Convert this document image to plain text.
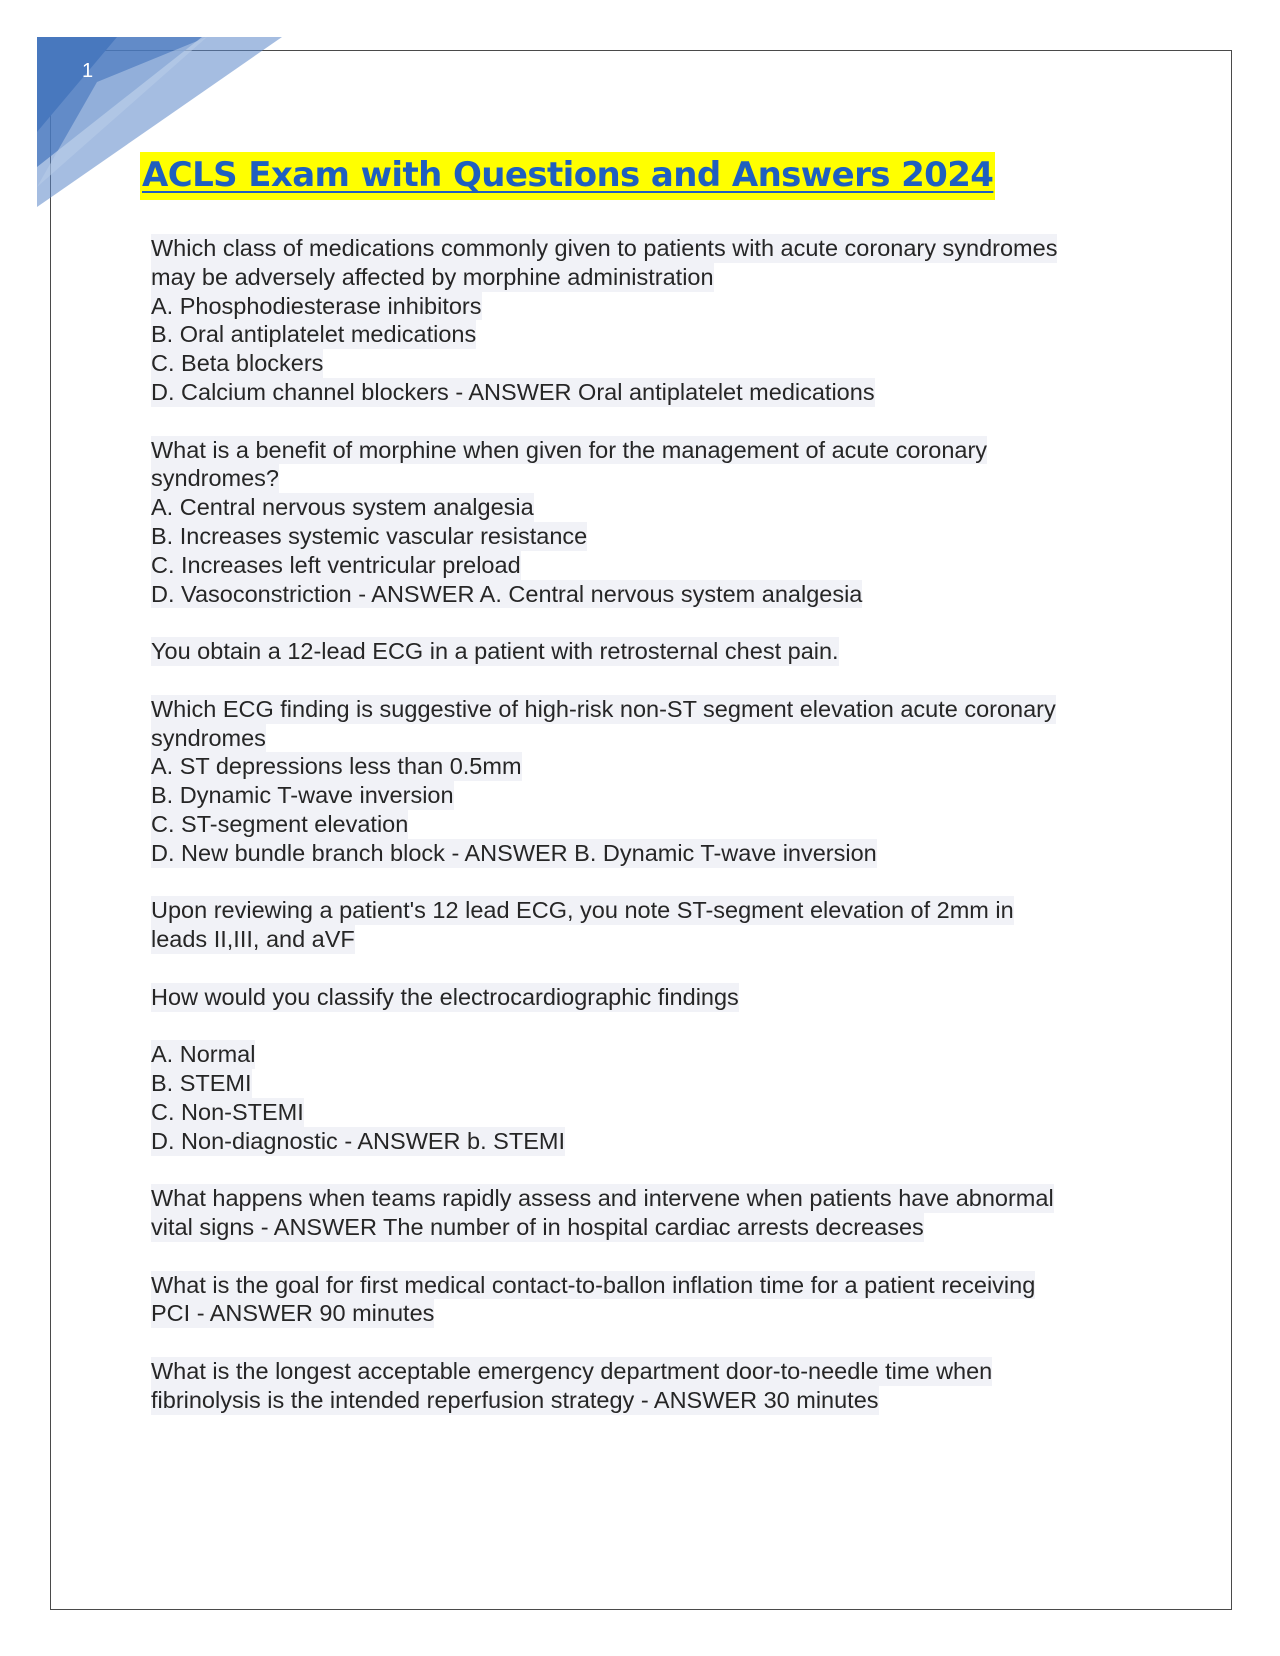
1
ACLS Exam with Questions and Answers 2024
Which class of medications commonly given to patients with acute coronary syndromes
may be adversely affected by morphine administration
A. Phosphodiesterase inhibitors
B. Oral antiplatelet medications
C. Beta blockers
D. Calcium channel blockers - ANSWER Oral antiplatelet medications
What is a benefit of morphine when given for the management of acute coronary
syndromes?
A. Central nervous system analgesia
B. Increases systemic vascular resistance
C. Increases left ventricular preload
D. Vasoconstriction - ANSWER A. Central nervous system analgesia
You obtain a 12-lead ECG in a patient with retrosternal chest pain.
Which ECG finding is suggestive of high-risk non-ST segment elevation acute coronary
syndromes
A. ST depressions less than 0.5mm
B. Dynamic T-wave inversion
C. ST-segment elevation
D. New bundle branch block - ANSWER B. Dynamic T-wave inversion
Upon reviewing a patient's 12 lead ECG, you note ST-segment elevation of 2mm in
leads II,III, and aVF
How would you classify the electrocardiographic findings
A. Normal
B. STEMI
C. Non-STEMI
D. Non-diagnostic - ANSWER b. STEMI
What happens when teams rapidly assess and intervene when patients have abnormal
vital signs - ANSWER The number of in hospital cardiac arrests decreases
What is the goal for first medical contact-to-ballon inflation time for a patient receiving
PCI - ANSWER 90 minutes
What is the longest acceptable emergency department door-to-needle time when
fibrinolysis is the intended reperfusion strategy - ANSWER 30 minutes
